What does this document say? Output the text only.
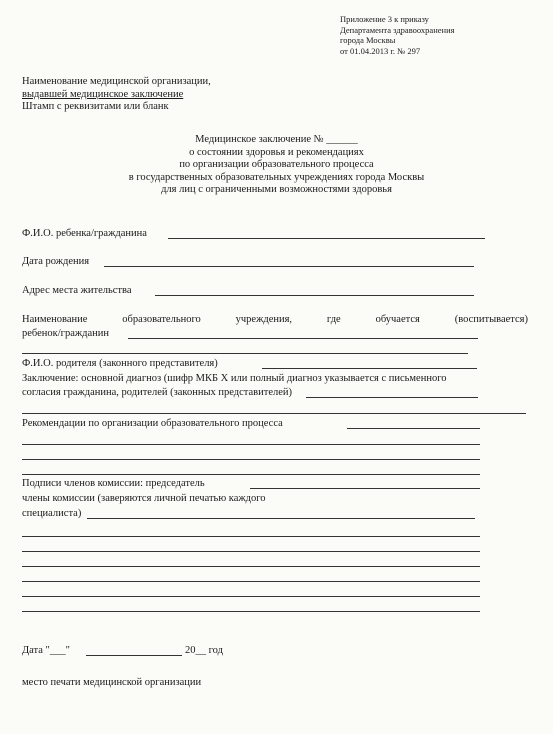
Приложение 3 к приказу
Департамента здравоохранения
города Москвы
от 01.04.2013 г. № 297
Наименование медицинской организации,
выдавшей медицинское заключение
Штамп с реквизитами или бланк
Медицинское заключение № ______
о состоянии здоровья и рекомендациях
по организации образовательного процесса
в государственных образовательных учреждениях города Москвы
для лиц с ограниченными возможностями здоровья
Ф.И.О. ребенка/гражданина
Дата рождения
Адрес места жительства
Наименование образовательного учреждения, где обучается (воспитывается)
ребенок/гражданин
Ф.И.О. родителя (законного представителя)
Заключение: основной диагноз (шифр МКБ X или полный диагноз указывается с письменного
согласия гражданина, родителей (законных представителей)
Рекомендации по организации образовательного процесса
Подписи членов комиссии: председатель
члены комиссии (заверяются личной печатью каждого
специалиста)
Дата "___"	20__ год
место печати медицинской организации
